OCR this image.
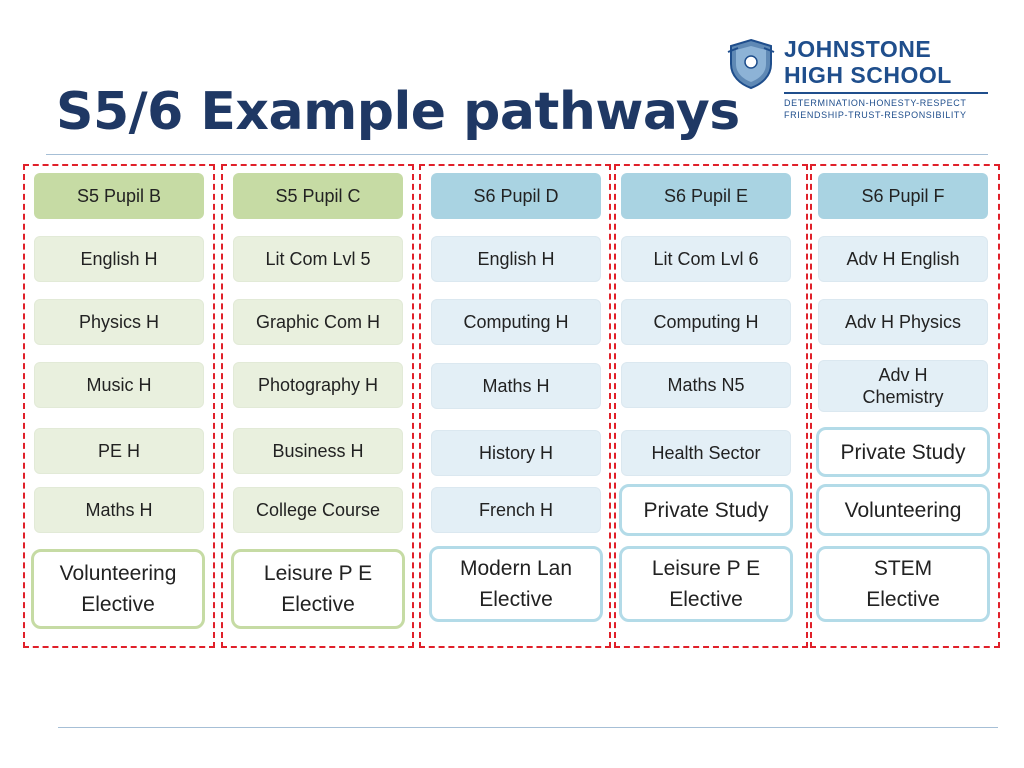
S5/6 Example pathways
JOHNSTONE
HIGH SCHOOL
DETERMINATION-HONESTY-RESPECT
FRIENDSHIP-TRUST-RESPONSIBILITY
S5 Pupil B
English H
Physics H
Music H
PE H
Maths H
Volunteering Elective
S5 Pupil C
Lit Com Lvl 5
Graphic Com H
Photography H
Business H
College Course
Leisure P E Elective
S6 Pupil D
English H
Computing H
Maths H
History H
French H
Modern Lan Elective
S6 Pupil E
Lit Com Lvl 6
Computing H
Maths N5
Health Sector
Private Study
Leisure P E Elective
S6 Pupil F
Adv H English
Adv H Physics
Adv H Chemistry
Private Study
Volunteering
STEM Elective
